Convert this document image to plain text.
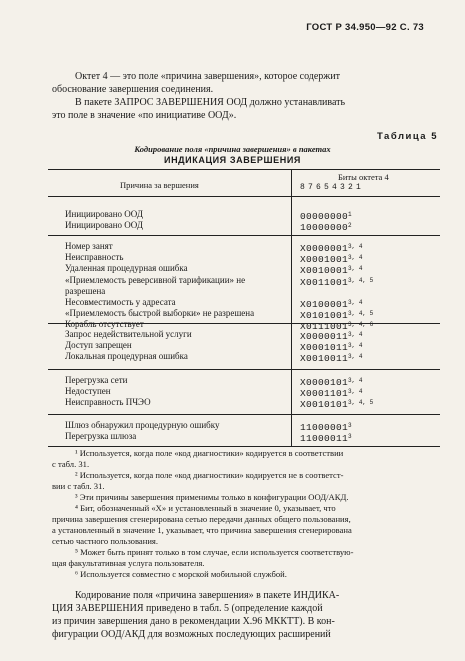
ГОСТ Р 34.950—92 С. 73
Октет 4 — это поле «причина завершения», которое содержит
обоснование завершения соединения.
В пакете ЗАПРОС ЗАВЕРШЕНИЯ ООД должно устанавливать
это поле в значение «по инициативе ООД».
Таблица 5
Кодирование поля «причина завершения» в пакетах
ИНДИКАЦИЯ ЗАВЕРШЕНИЯ
Причина за вершения
Биты октета 4
87654321
Инициировано ООД	00000000$^1$
Инициировано ООД	10000000$^2$
Номер занят	X0000001$^{3, 4}$
Неисправность	X0001001$^{3, 4}$
Удаленная процедурная ошибка	X0010001$^{3, 4}$
«Приемлемость реверсивной тарификации» не	X0011001$^{3, 4, 5}$
разрешена
Несовместимость у адресата	X0100001$^{3, 4}$
«Приемлемость быстрой выборки» не разрешена	X0101001$^{3, 4, 5}$
Корабль отсутствует	X0111001$^{3, 4, 6}$
Запрос недействительной услуги	X0000011$^{3, 4}$
Доступ запрещен	X0001011$^{3, 4}$
Локальная процедурная ошибка	X0010011$^{3, 4}$
Перегрузка сети	X0000101$^{3, 4}$
Недоступен	X0001101$^{3, 4}$
Неисправность ПЧЭО	X0010101$^{3, 4, 5}$
Шлюз обнаружил процедурную ошибку	11000001$^3$
Перегрузка шлюза	11000011$^3$
¹ Используется, когда поле «код диагностики» кодируется в соответствии
с табл. 31.
² Используется, когда поле «код диагностики» кодируется не в соответст-
вии с табл. 31.
³ Эти причины завершения применимы только в конфигурации ООД/АКД.
⁴ Бит, обозначенный «X» и установленный в значение 0, указывает, что
причина завершения сгенерирована сетью передачи данных общего пользования,
а установленный в значение 1, указывает, что причина завершения сгенерирована
сетью частного пользования.
⁵ Может быть принят только в том случае, если используется соответствую-
щая факультативная услуга пользователя.
⁶ Используется совместно с морской мобильной службой.
Кодирование поля «причина завершения» в пакете ИНДИКА-
ЦИЯ ЗАВЕРШЕНИЯ приведено в табл. 5 (определение каждой
из причин завершения дано в рекомендации X.96 МККТТ). В кон-
фигурации ООД/АКД для возможных последующих расширений
